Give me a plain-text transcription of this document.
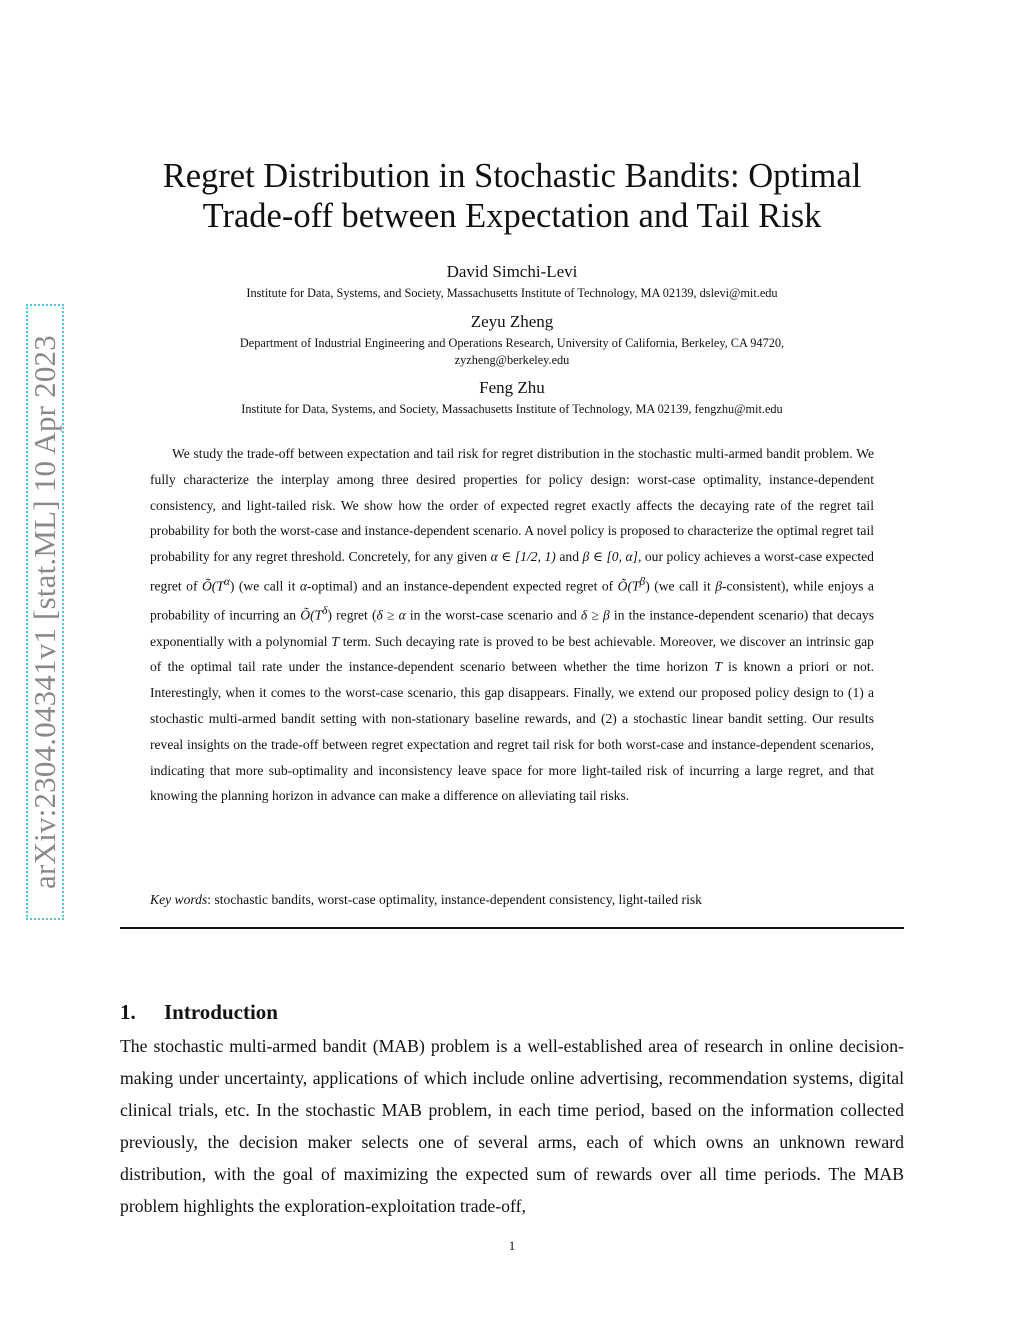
arXiv:2304.04341v1 [stat.ML] 10 Apr 2023
Regret Distribution in Stochastic Bandits: Optimal
Trade-off between Expectation and Tail Risk
David Simchi-Levi
Institute for Data, Systems, and Society, Massachusetts Institute of Technology, MA 02139, dslevi@mit.edu
Zeyu Zheng
Department of Industrial Engineering and Operations Research, University of California, Berkeley, CA 94720,
zyzheng@berkeley.edu
Feng Zhu
Institute for Data, Systems, and Society, Massachusetts Institute of Technology, MA 02139, fengzhu@mit.edu

We study the trade-off between expectation and tail risk for regret distribution in the stochastic multi-armed bandit problem. We fully characterize the interplay among three desired properties for policy design: worst-case optimality, instance-dependent consistency, and light-tailed risk. We show how the order of expected regret exactly affects the decaying rate of the regret tail probability for both the worst-case and instance-dependent scenario. A novel policy is proposed to characterize the optimal regret tail probability for any regret threshold. Concretely, for any given α ∈ [1/2, 1) and β ∈ [0, α], our policy achieves a worst-case expected regret of $Õ(T^\alpha)$ (we call it α-optimal) and an instance-dependent expected regret of $Õ(T^\beta)$ (we call it β-consistent), while enjoys a probability of incurring an $Õ(T^\delta)$ regret (δ ≥ α in the worst-case scenario and δ ≥ β in the instance-dependent scenario) that decays exponentially with a polynomial T term. Such decaying rate is proved to be best achievable. Moreover, we discover an intrinsic gap of the optimal tail rate under the instance-dependent scenario between whether the time horizon T is known a priori or not. Interestingly, when it comes to the worst-case scenario, this gap disappears. Finally, we extend our proposed policy design to (1) a stochastic multi-armed bandit setting with non-stationary baseline rewards, and (2) a stochastic linear bandit setting. Our results reveal insights on the trade-off between regret expectation and regret tail risk for both worst-case and instance-dependent scenarios, indicating that more sub-optimality and inconsistency leave space for more light-tailed risk of incurring a large regret, and that knowing the planning horizon in advance can make a difference on alleviating tail risks.

Key words: stochastic bandits, worst-case optimality, instance-dependent consistency, light-tailed risk
1. Introduction

The stochastic multi-armed bandit (MAB) problem is a well-established area of research in online decision-making under uncertainty, applications of which include online advertising, recommendation systems, digital clinical trials, etc. In the stochastic MAB problem, in each time period, based on the information collected previously, the decision maker selects one of several arms, each of which owns an unknown reward distribution, with the goal of maximizing the expected sum of rewards over all time periods. The MAB problem highlights the exploration-exploitation trade-off,

1
